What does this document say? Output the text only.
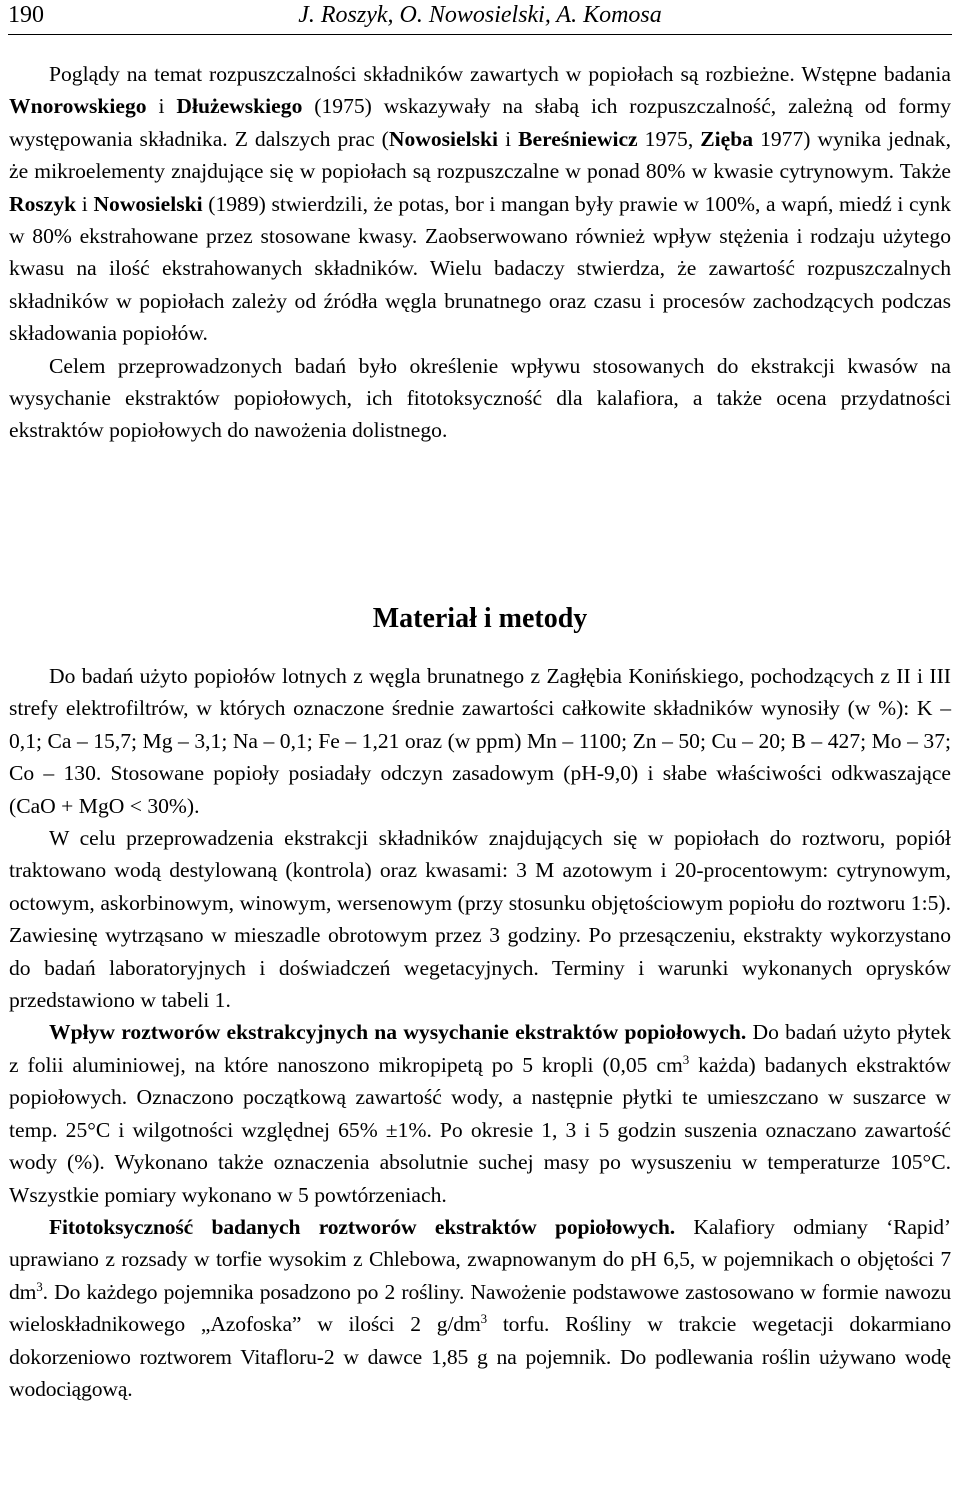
190	J. Roszyk, O. Nowosielski, A. Komosa

Poglądy na temat rozpuszczalności składników zawartych w popiołach są rozbieżne. Wstępne badania Wnorowskiego i Dłużewskiego (1975) wskazywały na słabą ich rozpuszczalność, zależną od formy występowania składnika. Z dalszych prac (Nowosielski i Bereśniewicz 1975, Zięba 1977) wynika jednak, że mikroelementy znajdujące się w popiołach są rozpuszczalne w ponad 80% w kwasie cytrynowym. Także Roszyk i Nowosielski (1989) stwierdzili, że potas, bor i mangan były prawie w 100%, a wapń, miedź i cynk w 80% ekstrahowane przez stosowane kwasy. Zaobserwowano również wpływ stężenia i rodzaju użytego kwasu na ilość ekstrahowanych składników. Wielu badaczy stwierdza, że zawartość rozpuszczalnych składników w popiołach zależy od źródła węgla brunatnego oraz czasu i procesów zachodzących podczas składowania popiołów.

Celem przeprowadzonych badań było określenie wpływu stosowanych do ekstrakcji kwasów na wysychanie ekstraktów popiołowych, ich fitotoksyczność dla kalafiora, a także ocena przydatności ekstraktów popiołowych do nawożenia dolistnego.

Materiał i metody

Do badań użyto popiołów lotnych z węgla brunatnego z Zagłębia Konińskiego, pochodzących z II i III strefy elektrofiltrów, w których oznaczone średnie zawartości całkowite składników wynosiły (w %): K – 0,1; Ca – 15,7; Mg – 3,1; Na – 0,1; Fe – 1,21 oraz (w ppm) Mn – 1100; Zn – 50; Cu – 20; B – 427; Mo – 37; Co – 130. Stosowane popioły posiadały odczyn zasadowym (pH-9,0) i słabe właściwości odkwaszające (CaO + MgO < 30%).

W celu przeprowadzenia ekstrakcji składników znajdujących się w popiołach do roztworu, popiół traktowano wodą destylowaną (kontrola) oraz kwasami: 3 M azotowym i 20-procentowym: cytrynowym, octowym, askorbinowym, winowym, wersenowym (przy stosunku objętościowym popiołu do roztworu 1:5). Zawiesinę wytrząsano w mieszadle obrotowym przez 3 godziny. Po przesączeniu, ekstrakty wykorzystano do badań laboratoryjnych i doświadczeń wegetacyjnych. Terminy i warunki wykonanych oprysków przedstawiono w tabeli 1.

Wpływ roztworów ekstrakcyjnych na wysychanie ekstraktów popiołowych. Do badań użyto płytek z folii aluminiowej, na które nanoszono mikropipetą po 5 kropli (0,05 $cm^3$ każda) badanych ekstraktów popiołowych. Oznaczono początkową zawartość wody, a następnie płytki te umieszczano w suszarce w temp. 25°C i wilgotności względnej 65% ±1%. Po okresie 1, 3 i 5 godzin suszenia oznaczano zawartość wody (%). Wykonano także oznaczenia absolutnie suchej masy po wysuszeniu w temperaturze 105°C. Wszystkie pomiary wykonano w 5 powtórzeniach.

Fitotoksyczność badanych roztworów ekstraktów popiołowych. Kalafiory odmiany ‘Rapid’ uprawiano z rozsady w torfie wysokim z Chlebowa, zwapnowanym do pH 6,5, w pojemnikach o objętości 7 $dm^3$. Do każdego pojemnika posadzono po 2 rośliny. Nawożenie podstawowe zastosowano w formie nawozu wieloskładnikowego „Azofoska” w ilości 2 $g/dm^3$ torfu. Rośliny w trakcie wegetacji dokarmiano dokorzeniowo roztworem Vitafloru-2 w dawce 1,85 g na pojemnik. Do podlewania roślin używano wodę wodociągową.
